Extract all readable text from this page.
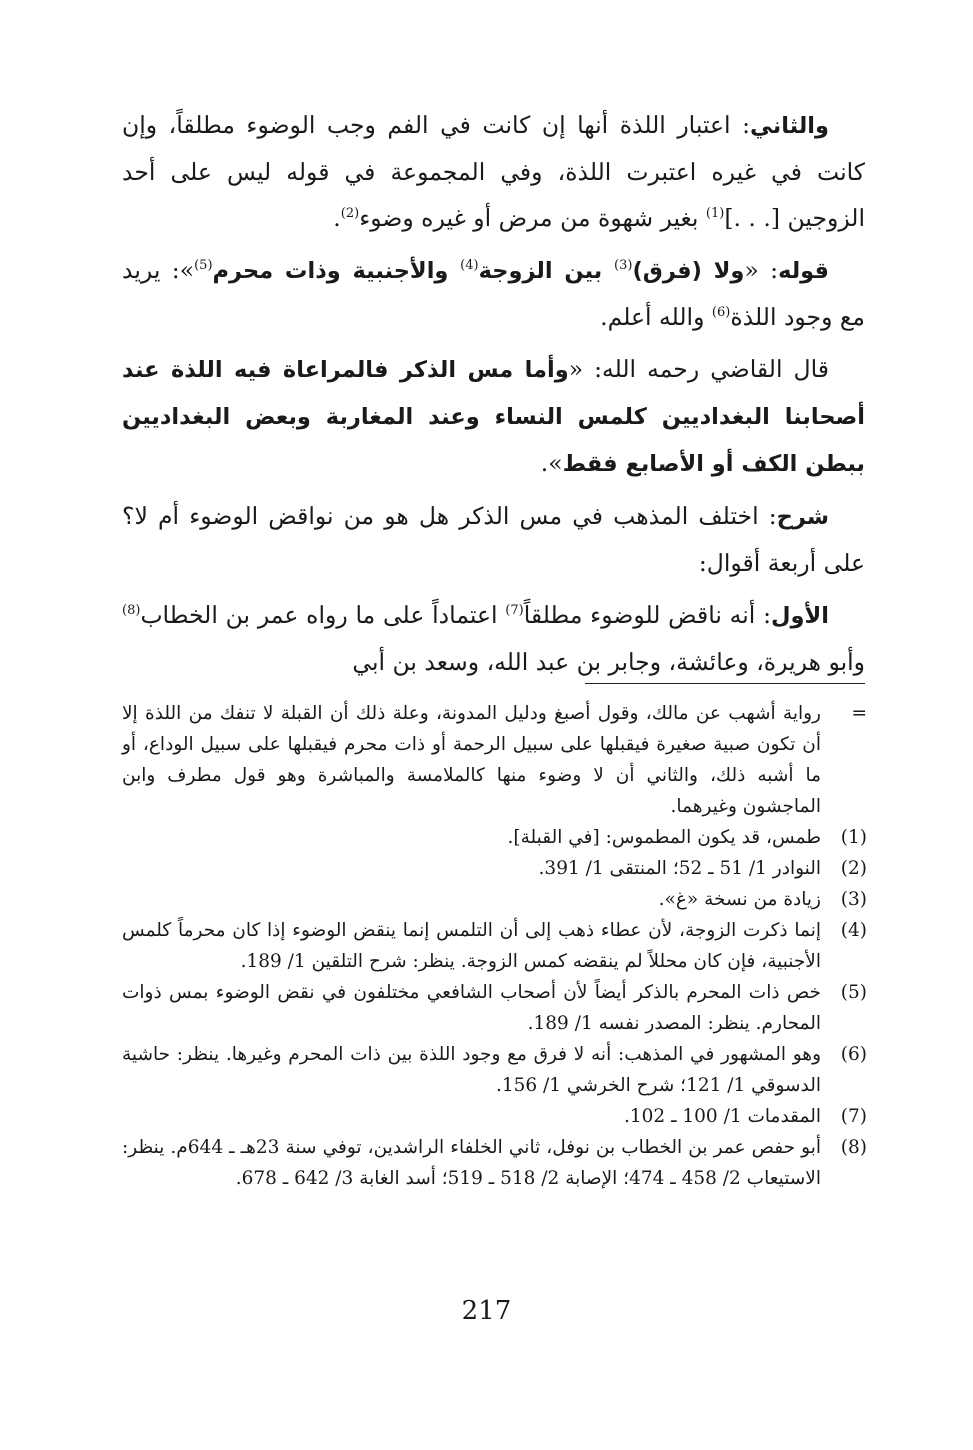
والثاني: اعتبار اللذة أنها إن كانت في الفم وجب الوضوء مطلقاً، وإن كانت في غيره اعتبرت اللذة، وفي المجموعة في قوله ليس على أحد الزوجين [. . .]$^{(1)}$ بغير شهوة من مرض أو غيره وضوء$^{(2)}$.

قوله: «ولا (فرق)$^{(3)}$ بين الزوجة$^{(4)}$ والأجنبية وذات محرم$^{(5)}$»: يريد مع وجود اللذة$^{(6)}$ والله أعلم.

قال القاضي رحمه الله: «وأما مس الذكر فالمراعاة فيه اللذة عند أصحابنا البغداديين كلمس النساء وعند المغاربة وبعض البغداديين ببطن الكف أو الأصابع فقط».

شرح: اختلف المذهب في مس الذكر هل هو من نواقض الوضوء أم لا؟ على أربعة أقوال:

الأول: أنه ناقض للوضوء مطلقاً$^{(7)}$ اعتماداً على ما رواه عمر بن الخطاب$^{(8)}$ وأبو هريرة، وعائشة، وجابر بن عبد الله، وسعد بن أبي

=
رواية أشهب عن مالك، وقول أصبغ ودليل المدونة، وعلة ذلك أن القبلة لا تنفك من اللذة إلا أن تكون صبية صغيرة فيقبلها على سبيل الرحمة أو ذات محرم فيقبلها على سبيل الوداع، أو ما أشبه ذلك، والثاني أن لا وضوء منها كالملامسة والمباشرة وهو قول مطرف وابن الماجشون وغيرهما.
(1)
طمس، قد يكون المطموس: [في القبلة].
(2)
النوادر 1/ 51 ـ 52؛ المنتقى 1/ 391.
(3)
زيادة من نسخة «غ».
(4)
إنما ذكرت الزوجة، لأن عطاء ذهب إلى أن التلمس إنما ينقض الوضوء إذا كان محرماً كلمس الأجنبية، فإن كان محللاً لم ينقضه كمس الزوجة. ينظر: شرح التلقين 1/ 189.
(5)
خص ذات المحرم بالذكر أيضاً لأن أصحاب الشافعي مختلفون في نقض الوضوء بمس ذوات المحارم. ينظر: المصدر نفسه 1/ 189.
(6)
وهو المشهور في المذهب: أنه لا فرق مع وجود اللذة بين ذات المحرم وغيرها. ينظر: حاشية الدسوقي 1/ 121؛ شرح الخرشي 1/ 156.
(7)
المقدمات 1/ 100 ـ 102.
(8)
أبو حفص عمر بن الخطاب بن نوفل، ثاني الخلفاء الراشدين، توفي سنة 23هـ ـ 644م. ينظر: الاستيعاب 2/ 458 ـ 474؛ الإصابة 2/ 518 ـ 519؛ أسد الغابة 3/ 642 ـ 678.
217
